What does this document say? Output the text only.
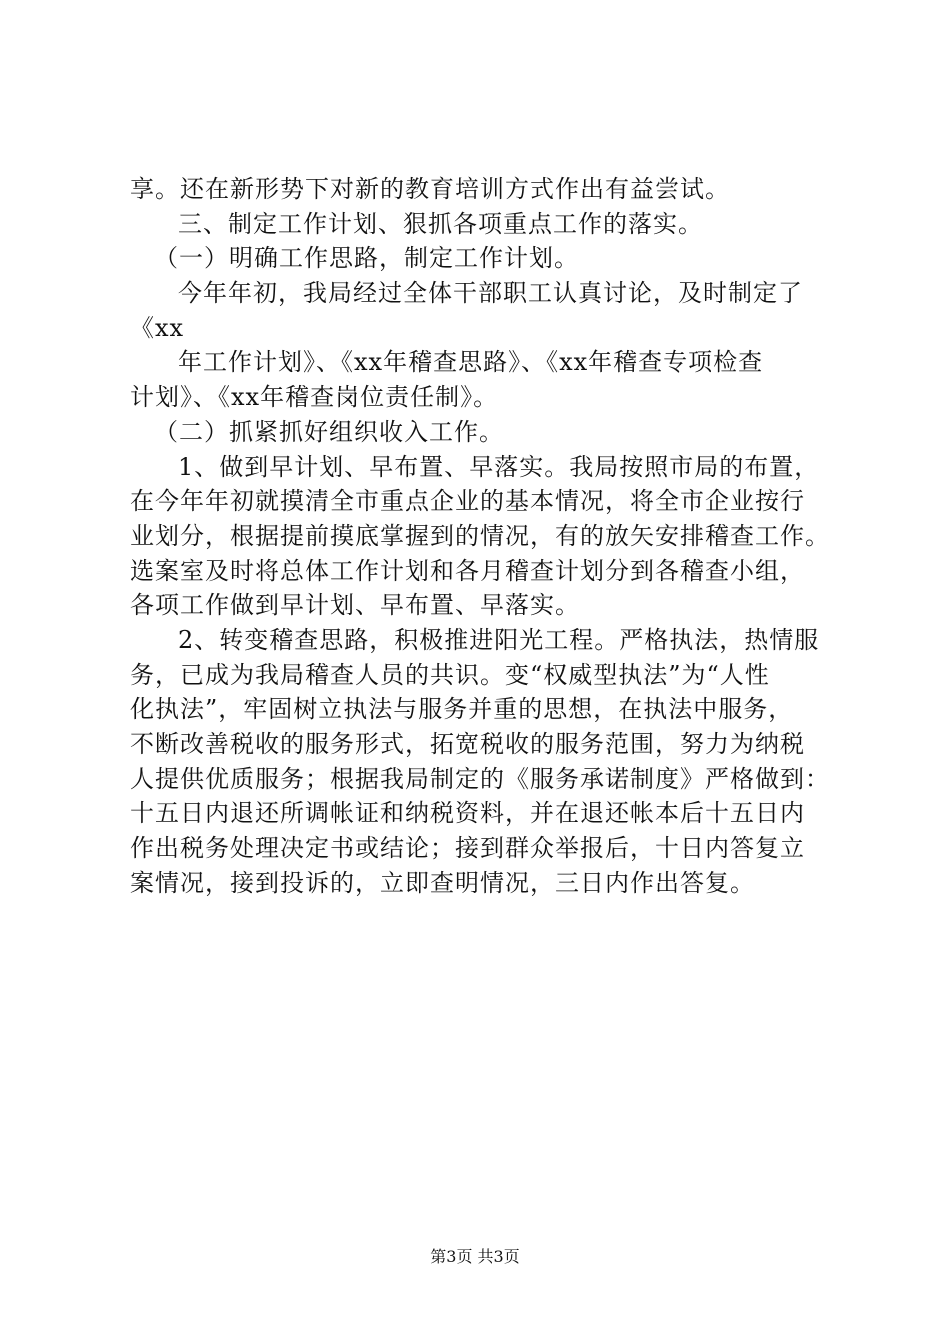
享。还在新形势下对新的教育培训方式作出有益尝试。
三、制定工作计划、狠抓各项重点工作的落实。
（一）明确工作思路，制定工作计划。
今年年初，我局经过全体干部职工认真讨论，及时制定了
《xx
年工作计划》、《xx年稽查思路》、《xx年稽查专项检查
计划》、《xx年稽查岗位责任制》。
（二）抓紧抓好组织收入工作。
1、做到早计划、早布置、早落实。我局按照市局的布置，
在今年年初就摸清全市重点企业的基本情况，将全市企业按行
业划分，根据提前摸底掌握到的情况，有的放矢安排稽查工作。
选案室及时将总体工作计划和各月稽查计划分到各稽查小组，
各项工作做到早计划、早布置、早落实。
2、转变稽查思路，积极推进阳光工程。严格执法，热情服
务，已成为我局稽查人员的共识。变“权威型执法”为“人性
化执法”，牢固树立执法与服务并重的思想，在执法中服务，
不断改善税收的服务形式，拓宽税收的服务范围，努力为纳税
人提供优质服务；根据我局制定的《服务承诺制度》严格做到：
十五日内退还所调帐证和纳税资料，并在退还帐本后十五日内
作出税务处理决定书或结论；接到群众举报后，十日内答复立
案情况，接到投诉的，立即查明情况，三日内作出答复。
第3页 共3页
